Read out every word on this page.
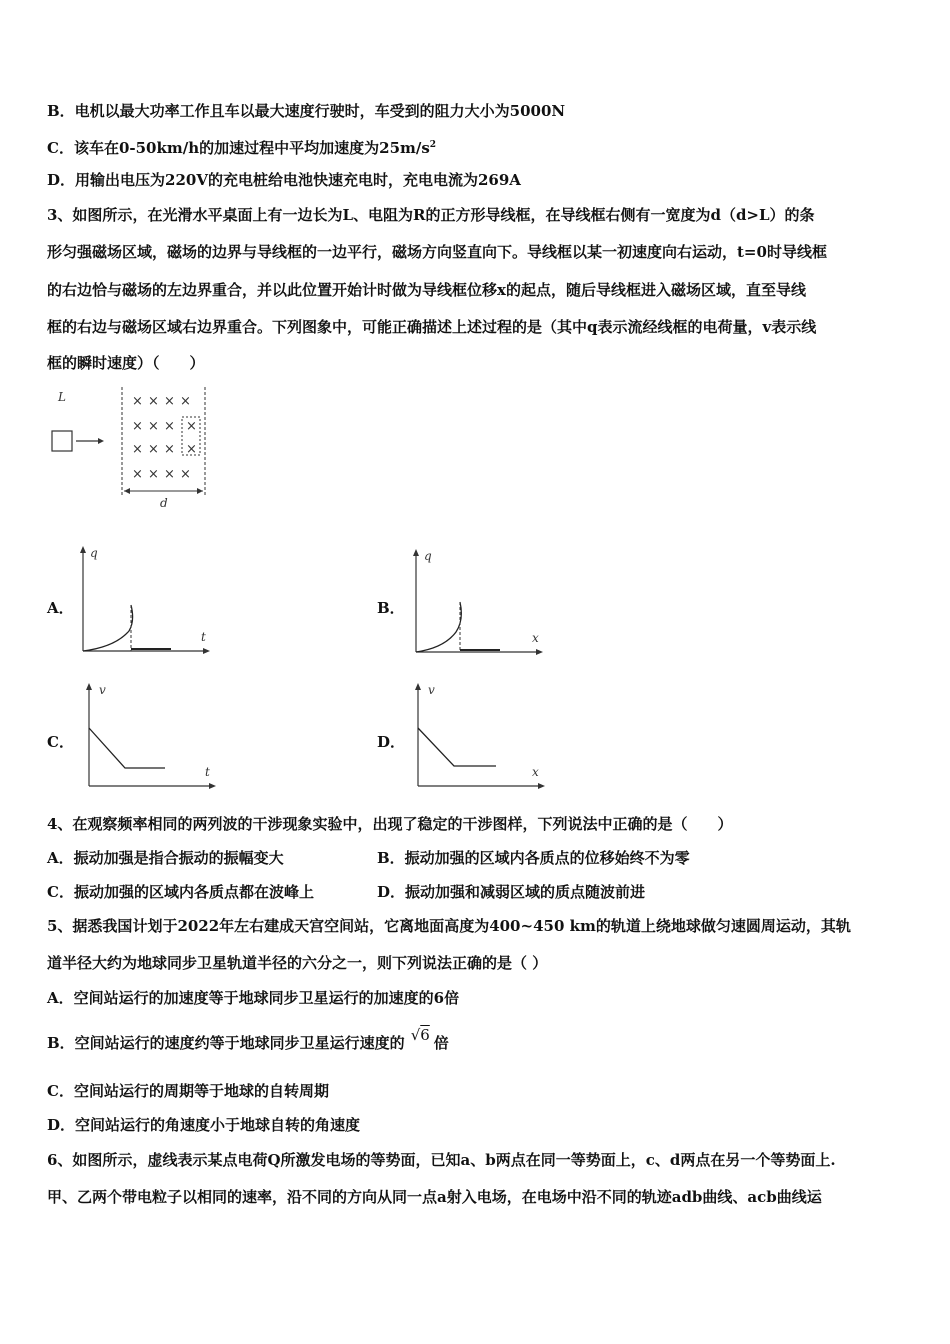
B．电机以最大功率工作且车以最大速度行驶时，车受到的阻力大小为5000N
C．该车在0-50km/h的加速过程中平均加速度为$25m/s^2$
D．用输出电压为220V的充电桩给电池快速充电时，充电电流为269A
3、如图所示，在光滑水平桌面上有一边长为L、电阻为R的正方形导线框，在导线框右侧有一宽度为d（d>L）的条
形匀强磁场区域，磁场的边界与导线框的一边平行，磁场方向竖直向下。导线框以某一初速度向右运动，t=0时导线框
的右边恰与磁场的左边界重合，并以此位置开始计时做为导线框位移x的起点，随后导线框进入磁场区域，直至导线
框的右边与磁场区域右边界重合。下列图象中，可能正确描述上述过程的是（其中q表示流经线框的电荷量，v表示线
框的瞬时速度）（　　）
L	× × × ×
× × × ×
× × × ×
× × × ×
d
A．
q
t
B．
q
x
C．
v
t
D．
v
x
4、在观察频率相同的两列波的干涉现象实验中，出现了稳定的干涉图样，下列说法中正确的是（　　）
A．振动加强是指合振动的振幅变大	B．振动加强的区域内各质点的位移始终不为零
C．振动加强的区域内各质点都在波峰上	D．振动加强和减弱区域的质点随波前进
5、据悉我国计划于2022年左右建成天宫空间站，它离地面高度为400~450 km的轨道上绕地球做匀速圆周运动，其轨
道半径大约为地球同步卫星轨道半径的六分之一，则下列说法正确的是（ ）
A．空间站运行的加速度等于地球同步卫星运行的加速度的6倍
B．空间站运行的速度约等于地球同步卫星运行速度的 √6 倍
C．空间站运行的周期等于地球的自转周期
D．空间站运行的角速度小于地球自转的角速度
6、如图所示，虚线表示某点电荷Q所激发电场的等势面，已知a、b两点在同一等势面上，c、d两点在另一个等势面上.
甲、乙两个带电粒子以相同的速率，沿不同的方向从同一点a射入电场，在电场中沿不同的轨迹adb曲线、acb曲线运
